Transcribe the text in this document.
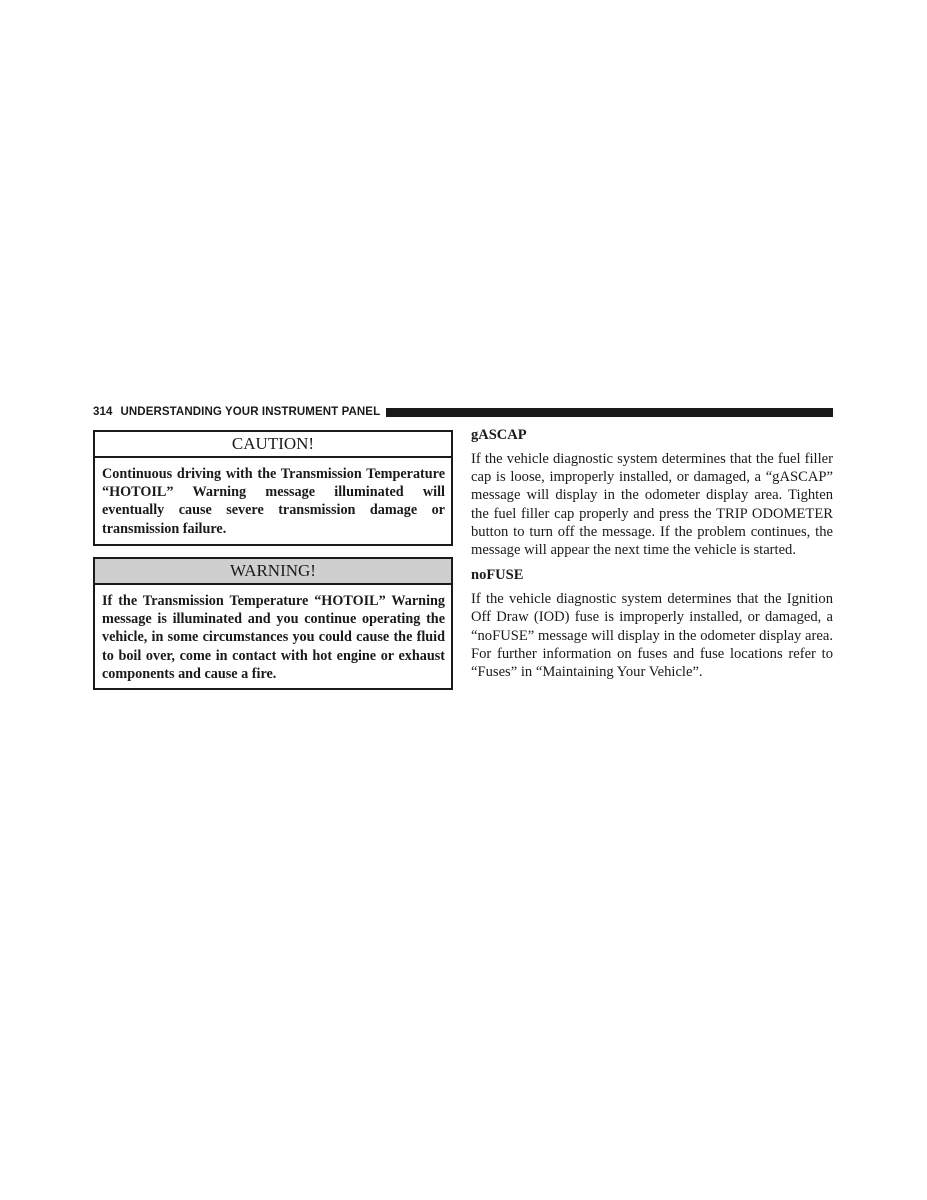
314 UNDERSTANDING YOUR INSTRUMENT PANEL
CAUTION!
Continuous driving with the Transmission Temperature “HOTOIL” Warning message illuminated will eventually cause severe transmission damage or transmission failure.
WARNING!
If the Transmission Temperature “HOTOIL” Warning message is illuminated and you continue operating the vehicle, in some circumstances you could cause the fluid to boil over, come in contact with hot engine or exhaust components and cause a fire.
gASCAP

If the vehicle diagnostic system determines that the fuel filler cap is loose, improperly installed, or damaged, a “gASCAP” message will display in the odometer display area. Tighten the fuel filler cap properly and press the TRIP ODOMETER button to turn off the message. If the problem continues, the message will appear the next time the vehicle is started.

noFUSE

If the vehicle diagnostic system determines that the Ignition Off Draw (IOD) fuse is improperly installed, or damaged, a “noFUSE” message will display in the odometer display area. For further information on fuses and fuse locations refer to “Fuses” in “Maintaining Your Vehicle”.
